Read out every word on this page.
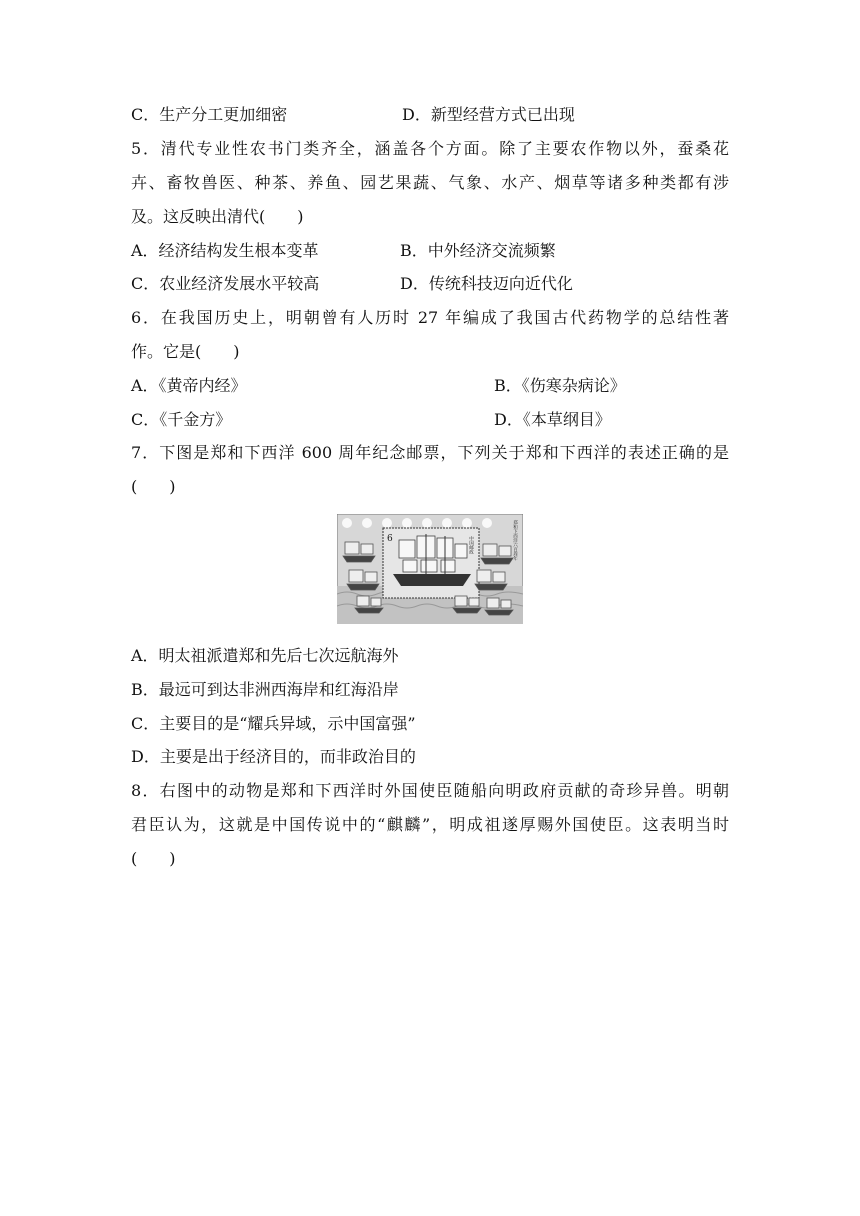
C．生产分工更加细密	D．新型经营方式已出现
5．清代专业性农书门类齐全，涵盖各个方面。除了主要农作物以外，蚕桑花
卉、畜牧兽医、种茶、养鱼、园艺果蔬、气象、水产、烟草等诸多种类都有涉
及。这反映出清代(　　)
A．经济结构发生根本变革	B．中外经济交流频繁
C．农业经济发展水平较高	D．传统科技迈向近代化
6．在我国历史上，明朝曾有人历时 27 年编成了我国古代药物学的总结性著
作。它是(　　)
A．《黄帝内经》	B．《伤寒杂病论》
C．《千金方》	D．《本草纲目》
7．下图是郑和下西洋 600 周年纪念邮票，下列关于郑和下西洋的表述正确的是
(　　)
6	中国邮政	郑和下西洋六百周年
A．明太祖派遣郑和先后七次远航海外
B．最远可到达非洲西海岸和红海沿岸
C．主要目的是“耀兵异域，示中国富强”
D．主要是出于经济目的，而非政治目的
8．右图中的动物是郑和下西洋时外国使臣随船向明政府贡献的奇珍异兽。明朝
君臣认为，这就是中国传说中的“麒麟”，明成祖遂厚赐外国使臣。这表明当时
(　　)
